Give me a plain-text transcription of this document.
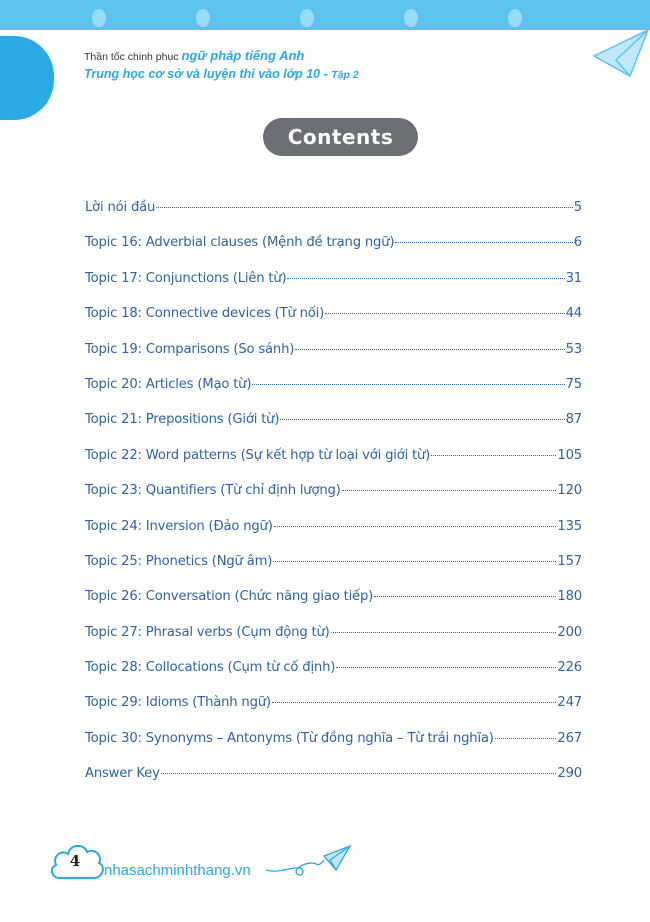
Thần tốc chinh phục ngữ pháp tiếng Anh
Trung học cơ sở và luyện thi vào lớp 10 - Tập 2
Contents
Lời nói đầu	5
Topic 16: Adverbial clauses (Mệnh đề trạng ngữ)	6
Topic 17: Conjunctions (Liên từ)	31
Topic 18: Connective devices (Từ nối)	44
Topic 19: Comparisons (So sánh)	53
Topic 20: Articles (Mạo từ)	75
Topic 21: Prepositions (Giới từ)	87
Topic 22: Word patterns (Sự kết hợp từ loại với giới từ)	105
Topic 23: Quantifiers (Từ chỉ định lượng)	120
Topic 24: Inversion (Đảo ngữ)	135
Topic 25: Phonetics (Ngữ âm)	157
Topic 26: Conversation (Chức năng giao tiếp)	180
Topic 27: Phrasal verbs (Cụm động từ)	200
Topic 28: Collocations (Cụm từ cố định)	226
Topic 29: Idioms (Thành ngữ)	247
Topic 30: Synonyms – Antonyms (Từ đồng nghĩa – Từ trái nghĩa)	267
Answer Key	290
4
nhasachminhthang.vn
